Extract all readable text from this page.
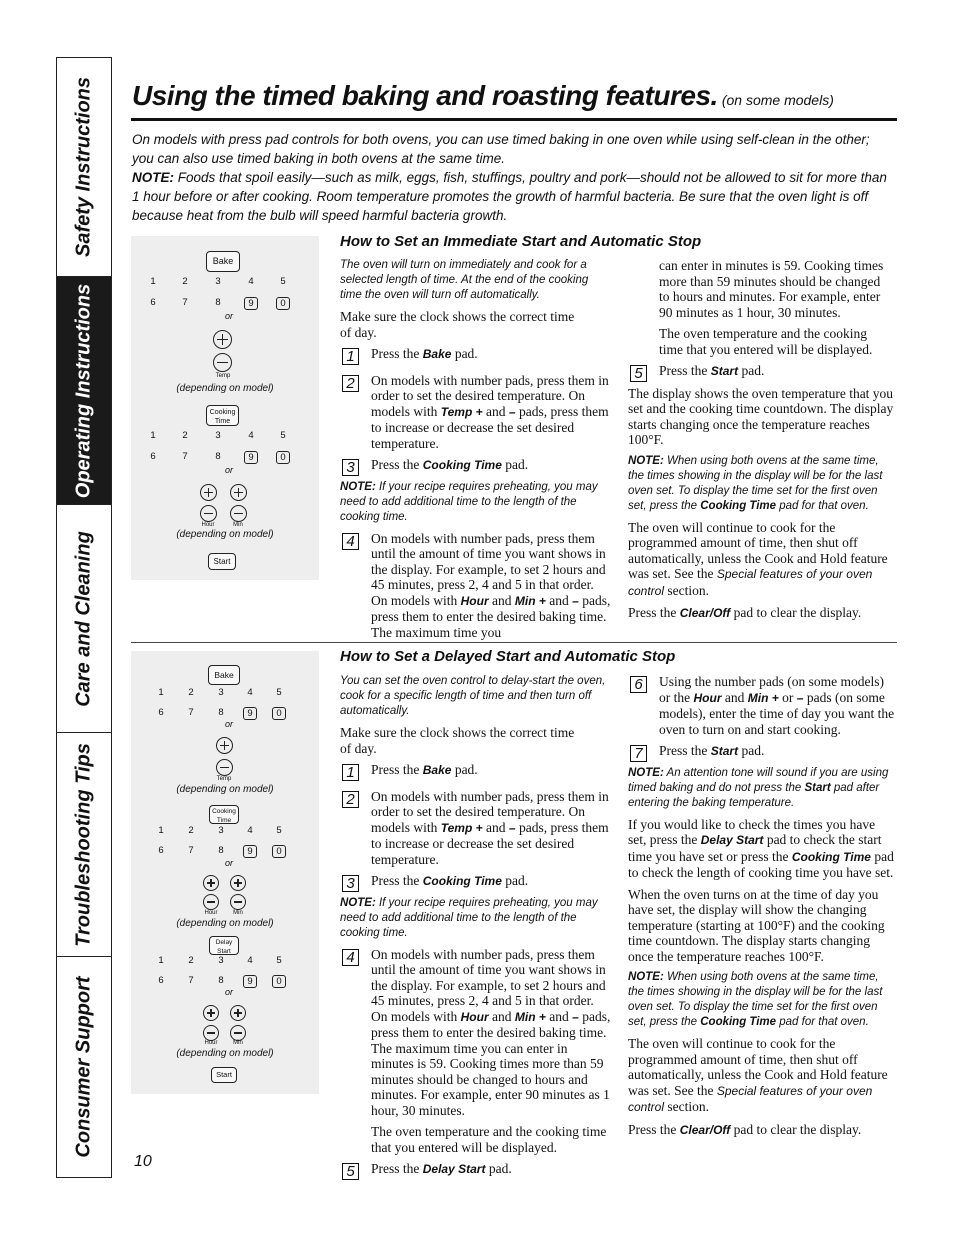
Safety Instructions
Operating Instructions
Care and Cleaning
Troubleshooting Tips
Consumer Support
Using the timed baking and roasting features. (on some models)

On models with press pad controls for both ovens, you can use timed baking in one oven while using self-clean in the other; you can also use timed baking in both ovens at the same time.

NOTE: Foods that spoil easily—such as milk, eggs, fish, stuffings, poultry and pork—should not be allowed to sit for more than 1 hour before or after cooking. Room temperature promotes the growth of harmful bacteria. Be sure that the oven light is off because heat from the bulb will speed harmful bacteria growth.

Bake
1	2	3	4	5
6	7	8	9	0
or
Temp
(depending on model)
Cooking Time
1	2	3	4	5
6	7	8	9	0
or
Hour	Min
(depending on model)
Start
How to Set an Immediate Start and Automatic Stop

The oven will turn on immediately and cook for a selected length of time. At the end of the cooking time the oven will turn off automatically.

Make sure the clock shows the correct time of day.

1	Press the Bake pad.
2	On models with number pads, press them in order to set the desired temperature. On models with Temp + and – pads, press them to increase or decrease the set desired temperature.
3	Press the Cooking Time pad.

NOTE: If your recipe requires preheating, you may need to add additional time to the length of the cooking time.

4	On models with number pads, press them until the amount of time you want shows in the display. For example, to set 2 hours and 45 minutes, press 2, 4 and 5 in that order. On models with Hour and Min + and – pads, press them to enter the desired baking time. The maximum time you

can enter in minutes is 59. Cooking times more than 59 minutes should be changed to hours and minutes. For example, enter 90 minutes as 1 hour, 30 minutes.

The oven temperature and the cooking time that you entered will be displayed.

5	Press the Start pad.

The display shows the oven temperature that you set and the cooking time countdown. The display starts changing once the temperature reaches 100°F.

NOTE: When using both ovens at the same time, the times showing in the display will be for the last oven set. To display the time set for the first oven set, press the Cooking Time pad for that oven.

The oven will continue to cook for the programmed amount of time, then shut off automatically, unless the Cook and Hold feature was set. See the Special features of your oven control section.

Press the Clear/Off pad to clear the display.

Bake
1	2	3	4	5
6	7	8	9	0
or
Temp
(depending on model)
Cooking Time
1	2	3	4	5
6	7	8	9	0
or
Hour	Min
(depending on model)
Delay Start
1	2	3	4	5
6	7	8	9	0
or
Hour	Min
(depending on model)
Start
How to Set a Delayed Start and Automatic Stop

You can set the oven control to delay-start the oven, cook for a specific length of time and then turn off automatically.

Make sure the clock shows the correct time of day.

1	Press the Bake pad.
2	On models with number pads, press them in order to set the desired temperature. On models with Temp + and – pads, press them to increase or decrease the set desired temperature.
3	Press the Cooking Time pad.

NOTE: If your recipe requires preheating, you may need to add additional time to the length of the cooking time.

4	On models with number pads, press them until the amount of time you want shows in the display. For example, to set 2 hours and 45 minutes, press 2, 4 and 5 in that order. On models with Hour and Min + and – pads, press them to enter the desired baking time. The maximum time you can enter in minutes is 59. Cooking times more than 59 minutes should be changed to hours and minutes. For example, enter 90 minutes as 1 hour, 30 minutes.

The oven temperature and the cooking time that you entered will be displayed.

5	Press the Delay Start pad.
6	Using the number pads (on some models) or the Hour and Min + or – pads (on some models), enter the time of day you want the oven to turn on and start cooking.
7	Press the Start pad.

NOTE: An attention tone will sound if you are using timed baking and do not press the Start pad after entering the baking temperature.

If you would like to check the times you have set, press the Delay Start pad to check the start time you have set or press the Cooking Time pad to check the length of cooking time you have set.

When the oven turns on at the time of day you have set, the display will show the changing temperature (starting at 100°F) and the cooking time countdown. The display starts changing once the temperature reaches 100°F.

NOTE: When using both ovens at the same time, the times showing in the display will be for the last oven set. To display the time set for the first oven set, press the Cooking Time pad for that oven.

The oven will continue to cook for the programmed amount of time, then shut off automatically, unless the Cook and Hold feature was set. See the Special features of your oven control section.

Press the Clear/Off pad to clear the display.

10
